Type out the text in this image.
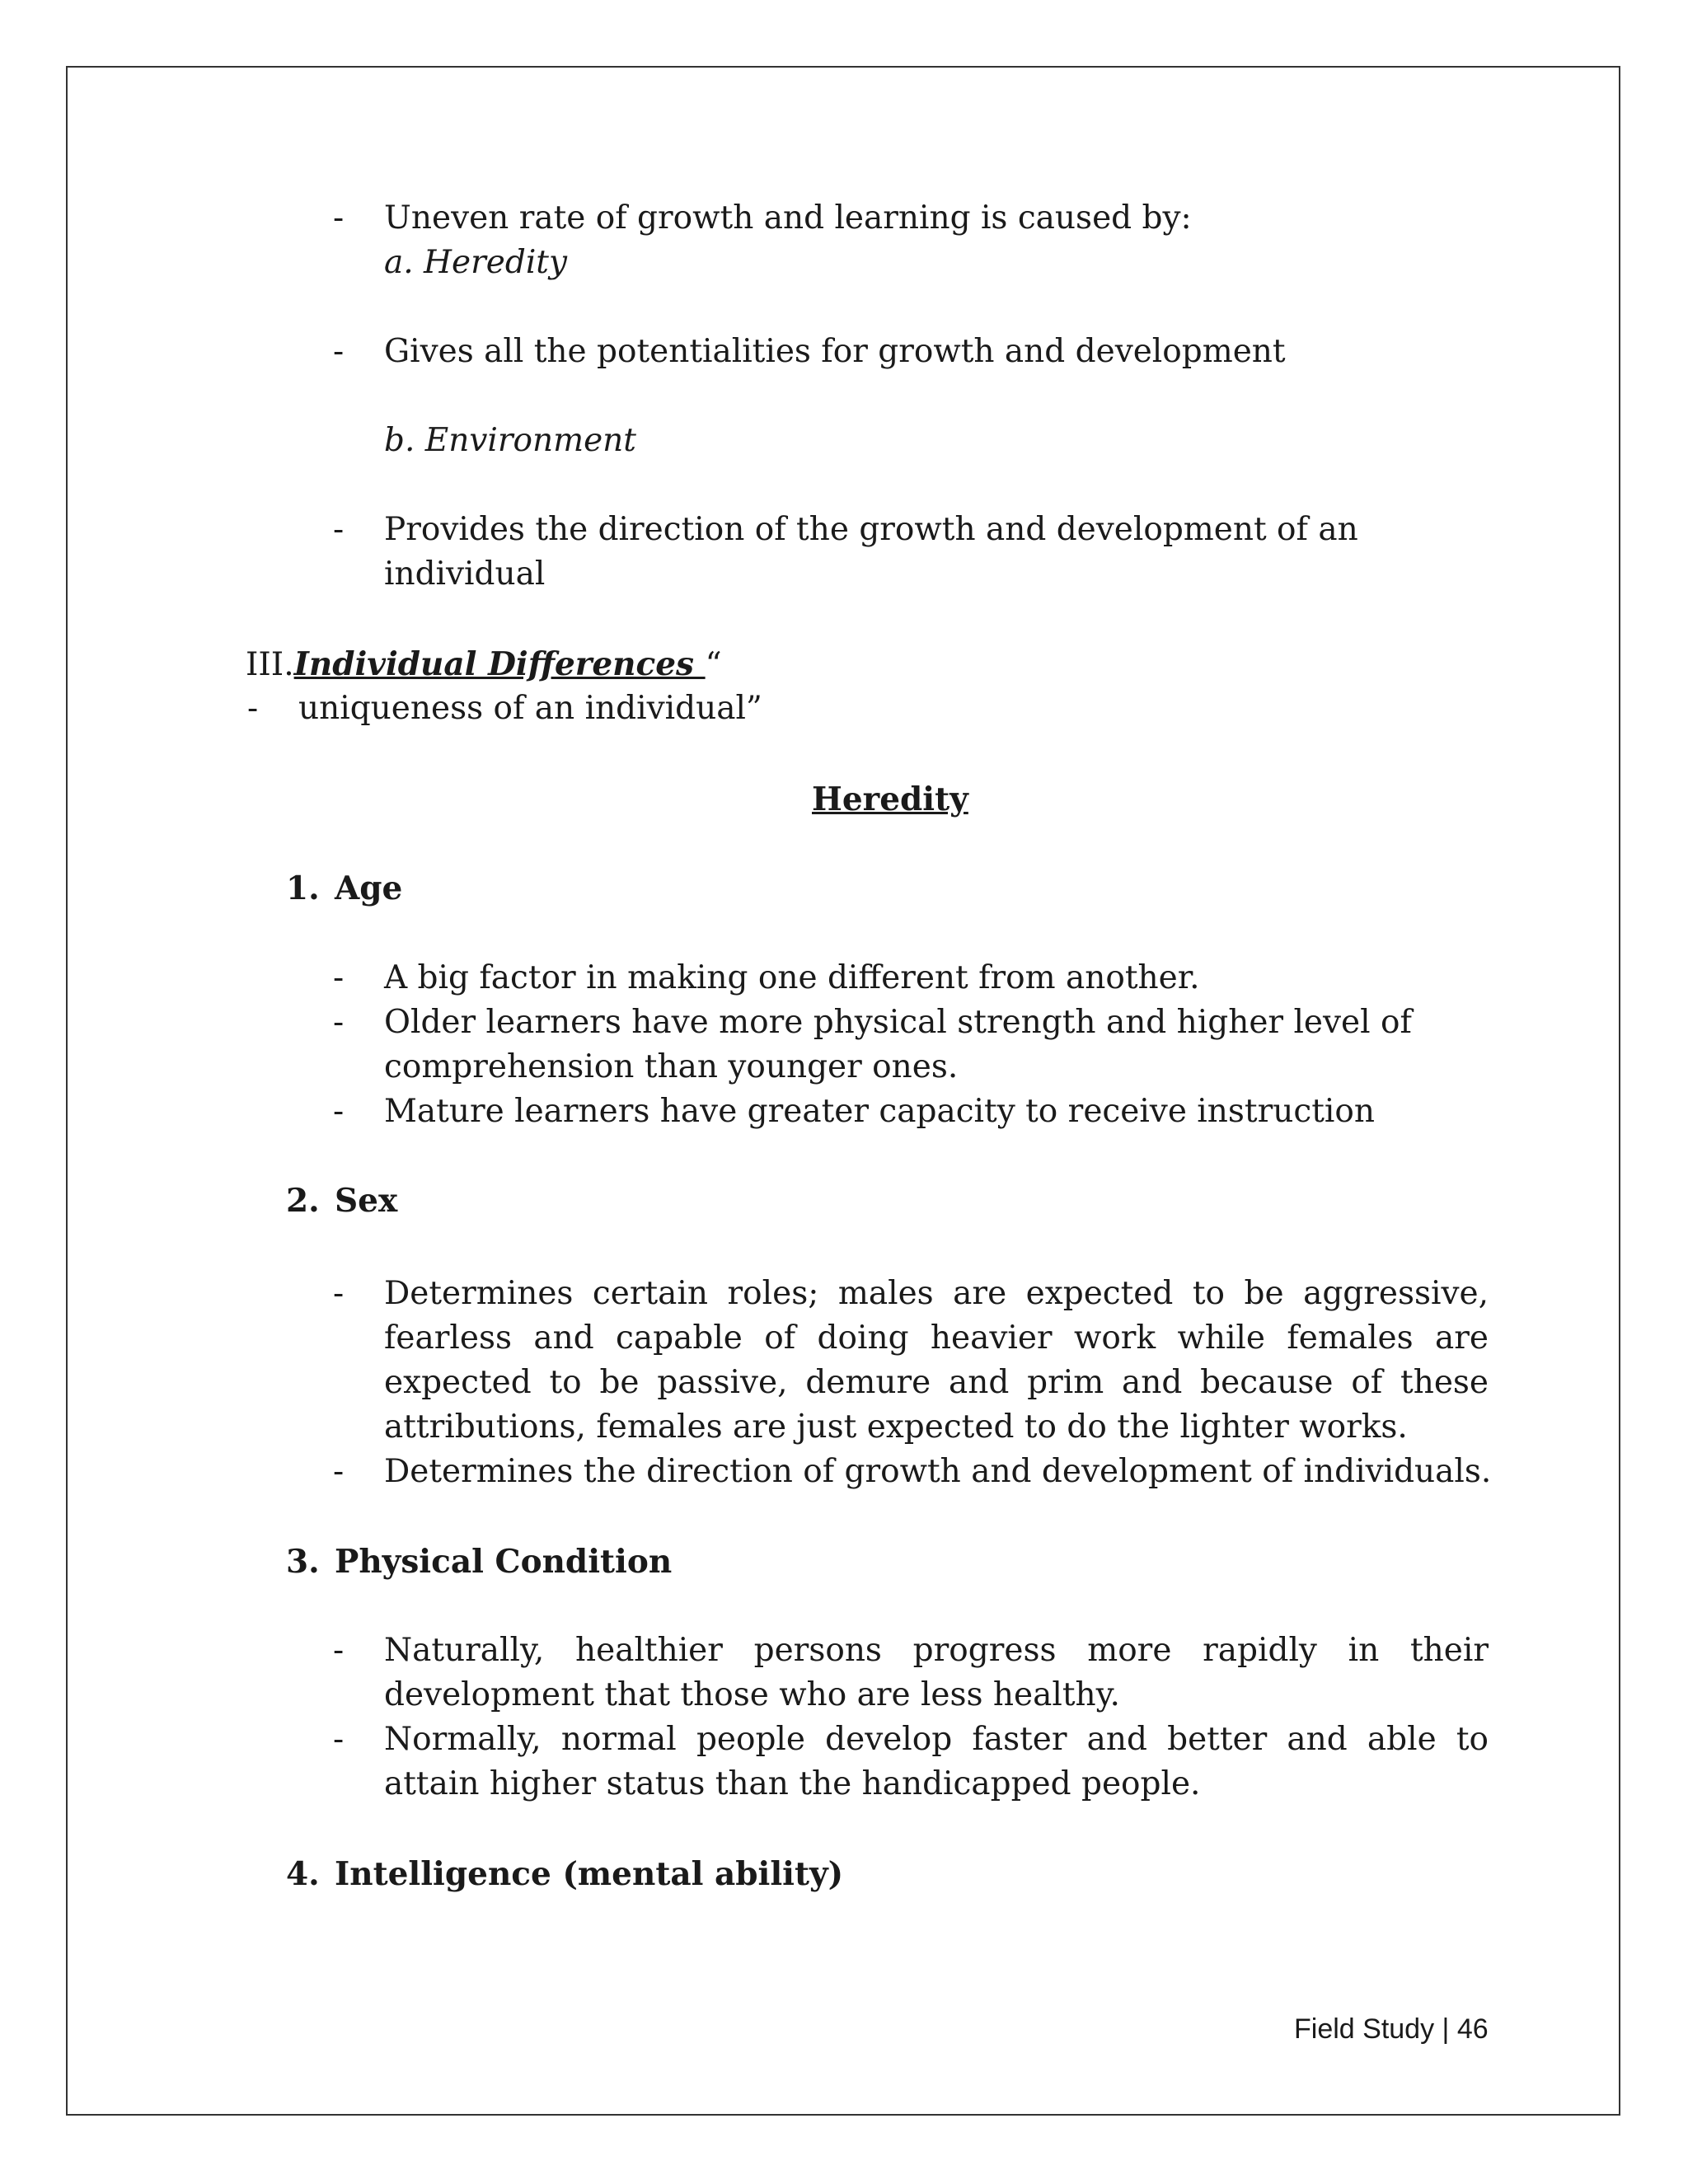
- Uneven rate of growth and learning is caused by:
a. Heredity
- Gives all the potentialities for growth and development
b. Environment
- Provides the direction of the growth and development of an
individual
III.Individual Differences “
- uniqueness of an individual”
Heredity
1. Age
- A big factor in making one different from another.
- Older learners have more physical strength and higher level of
comprehension than younger ones.
- Mature learners have greater capacity to receive instruction
2. Sex
- Determines certain roles; males are expected to be aggressive,
fearless and capable of doing heavier work while females are
expected to be passive, demure and prim and because of these
attributions, females are just expected to do the lighter works.
- Determines the direction of growth and development of individuals.
3. Physical Condition
- Naturally, healthier persons progress more rapidly in their
development that those who are less healthy.
- Normally, normal people develop faster and better and able to
attain higher status than the handicapped people.
4. Intelligence (mental ability)
Field Study | 46
